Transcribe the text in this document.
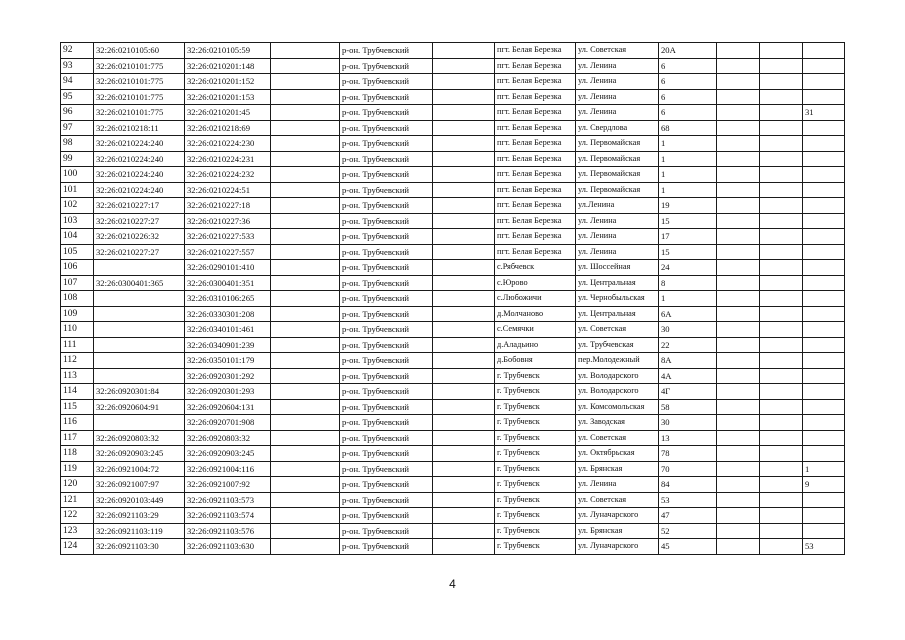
92	32:26:0210105:60	32:26:0210105:59		р-он. Трубчевский		пгт. Белая Березка	ул. Советская	20А			
93	32:26:0210101:775	32:26:0210201:148		р-он. Трубчевский		пгт. Белая Березка	ул. Ленина	6			
94	32:26:0210101:775	32:26:0210201:152		р-он. Трубчевский		пгт. Белая Березка	ул. Ленина	6			
95	32:26:0210101:775	32:26:0210201:153		р-он. Трубчевский		пгт. Белая Березка	ул. Ленина	6			
96	32:26:0210101:775	32:26:0210201:45		р-он. Трубчевский		пгт. Белая Березка	ул. Ленина	6			31
97	32:26:0210218:11	32:26:0210218:69		р-он. Трубчевский		пгт. Белая Березка	ул. Свердлова	68			
98	32:26:0210224:240	32:26:0210224:230		р-он. Трубчевский		пгт. Белая Березка	ул. Первомайская	1			
99	32:26:0210224:240	32:26:0210224:231		р-он. Трубчевский		пгт. Белая Березка	ул. Первомайская	1			
100	32:26:0210224:240	32:26:0210224:232		р-он. Трубчевский		пгт. Белая Березка	ул. Первомайская	1			
101	32:26:0210224:240	32:26:0210224:51		р-он. Трубчевский		пгт. Белая Березка	ул. Первомайская	1			
102	32:26:0210227:17	32:26:0210227:18		р-он. Трубчевский		пгт. Белая Березка	ул.Ленина	19			
103	32:26:0210227:27	32:26:0210227:36		р-он. Трубчевский		пгт. Белая Березка	ул. Ленина	15			
104	32:26:0210226:32	32:26:0210227:533		р-он. Трубчевский		пгт. Белая Березка	ул. Ленина	17			
105	32:26:0210227:27	32:26:0210227:557		р-он. Трубчевский		пгт. Белая Березка	ул. Ленина	15			
106		32:26:0290101:410		р-он. Трубчевский		с.Рябчевск	ул. Шоссейная	24			
107	32:26:0300401:365	32:26:0300401:351		р-он. Трубчевский		с.Юрово	ул. Центральная	8			
108		32:26:0310106:265		р-он. Трубчевский		с.Любожичи	ул. Чернобыльская	1			
109		32:26:0330301:208		р-он. Трубчевский		д.Молчаново	ул. Центральная	6А			
110		32:26:0340101:461		р-он. Трубчевский		с.Семячки	ул. Советская	30			
111		32:26:0340901:239		р-он. Трубчевский		д.Аладьино	ул. Трубчевская	22			
112		32:26:0350101:179		р-он. Трубчевский		д.Бобовня	пер.Молодежный	8А			
113		32:26:0920301:292		р-он. Трубчевский		г. Трубчевск	ул. Володарского	4А			
114	32:26:0920301:84	32:26:0920301:293		р-он. Трубчевский		г. Трубчевск	ул. Володарского	4Г			
115	32:26:0920604:91	32:26:0920604:131		р-он. Трубчевский		г. Трубчевск	ул. Комсомольская	58			
116		32:26:0920701:908		р-он. Трубчевский		г. Трубчевск	ул. Заводская	30			
117	32:26:0920803:32	32:26:0920803:32		р-он. Трубчевский		г. Трубчевск	ул. Советская	13			
118	32:26:0920903:245	32:26:0920903:245		р-он. Трубчевский		г. Трубчевск	ул. Октябрьская	78			
119	32:26:0921004:72	32:26:0921004:116		р-он. Трубчевский		г. Трубчевск	ул. Брянская	70			1
120	32:26:0921007:97	32:26:0921007:92		р-он. Трубчевский		г. Трубчевск	ул. Ленина	84			9
121	32:26:0920103:449	32:26:0921103:573		р-он. Трубчевский		г. Трубчевск	ул. Советская	53			
122	32:26:0921103:29	32:26:0921103:574		р-он. Трубчевский		г. Трубчевск	ул. Луначарского	47			
123	32:26:0921103:119	32:26:0921103:576		р-он. Трубчевский		г. Трубчевск	ул. Брянская	52			
124	32:26:0921103:30	32:26:0921103:630		р-он. Трубчевский		г. Трубчевск	ул. Луначарского	45			53
4
